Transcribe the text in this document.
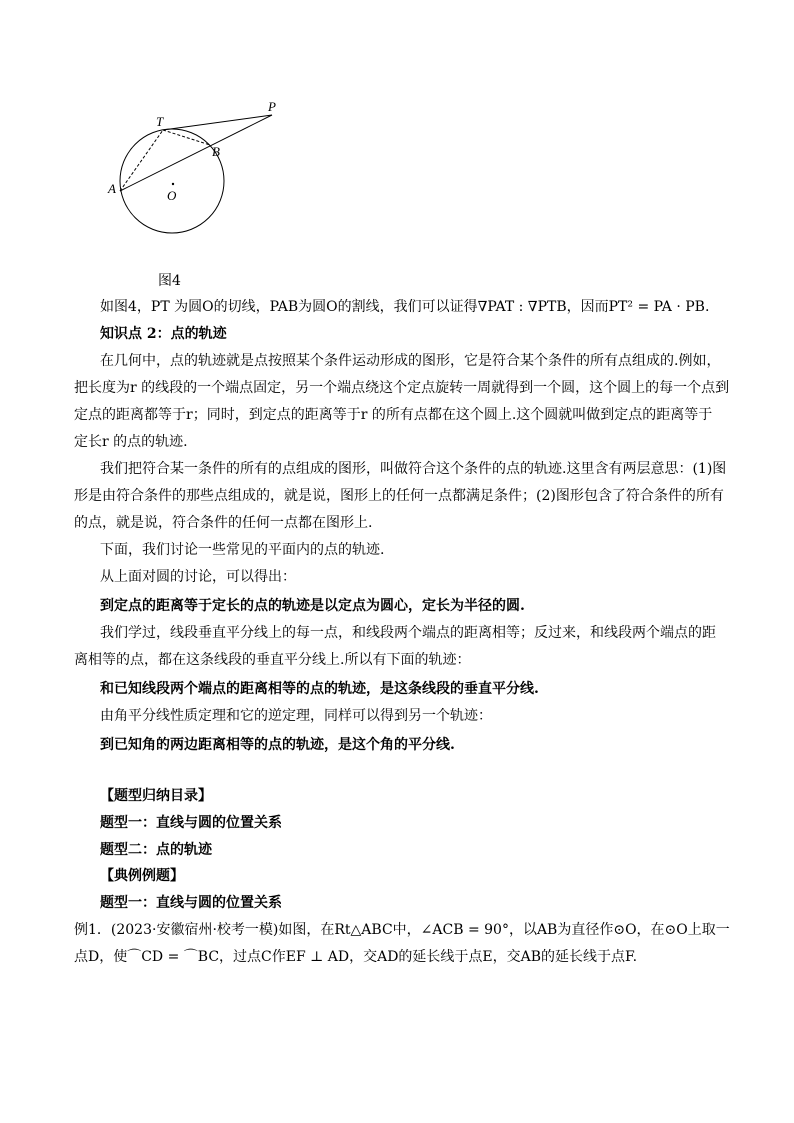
P
T
B
A	O
图4
如图4，PT 为圆O的切线，PAB为圆O的割线，我们可以证得∇PAT : ∇PTB，因而PT² = PA · PB.
知识点 2：点的轨迹
在几何中，点的轨迹就是点按照某个条件运动形成的图形，它是符合某个条件的所有点组成的.例如，
把长度为r 的线段的一个端点固定，另一个端点绕这个定点旋转一周就得到一个圆，这个圆上的每一个点到
定点的距离都等于r；同时，到定点的距离等于r 的所有点都在这个圆上.这个圆就叫做到定点的距离等于
定长r 的点的轨迹.
我们把符合某一条件的所有的点组成的图形，叫做符合这个条件的点的轨迹.这里含有两层意思：(1)图
形是由符合条件的那些点组成的，就是说，图形上的任何一点都满足条件；(2)图形包含了符合条件的所有
的点，就是说，符合条件的任何一点都在图形上.
下面，我们讨论一些常见的平面内的点的轨迹.
从上面对圆的讨论，可以得出：
到定点的距离等于定长的点的轨迹是以定点为圆心，定长为半径的圆.
我们学过，线段垂直平分线上的每一点，和线段两个端点的距离相等；反过来，和线段两个端点的距
离相等的点，都在这条线段的垂直平分线上.所以有下面的轨迹：
和已知线段两个端点的距离相等的点的轨迹，是这条线段的垂直平分线.
由角平分线性质定理和它的逆定理，同样可以得到另一个轨迹：
到已知角的两边距离相等的点的轨迹，是这个角的平分线.
【题型归纳目录】
题型一：直线与圆的位置关系
题型二：点的轨迹
【典例例题】
题型一：直线与圆的位置关系
例1．(2023·安徽宿州·校考一模)如图，在Rt△ABC中，∠ACB = 90°，以AB为直径作⊙O，在⊙O上取一
点D，使⌒CD = ⌒BC，过点C作EF ⊥ AD，交AD的延长线于点E，交AB的延长线于点F.
